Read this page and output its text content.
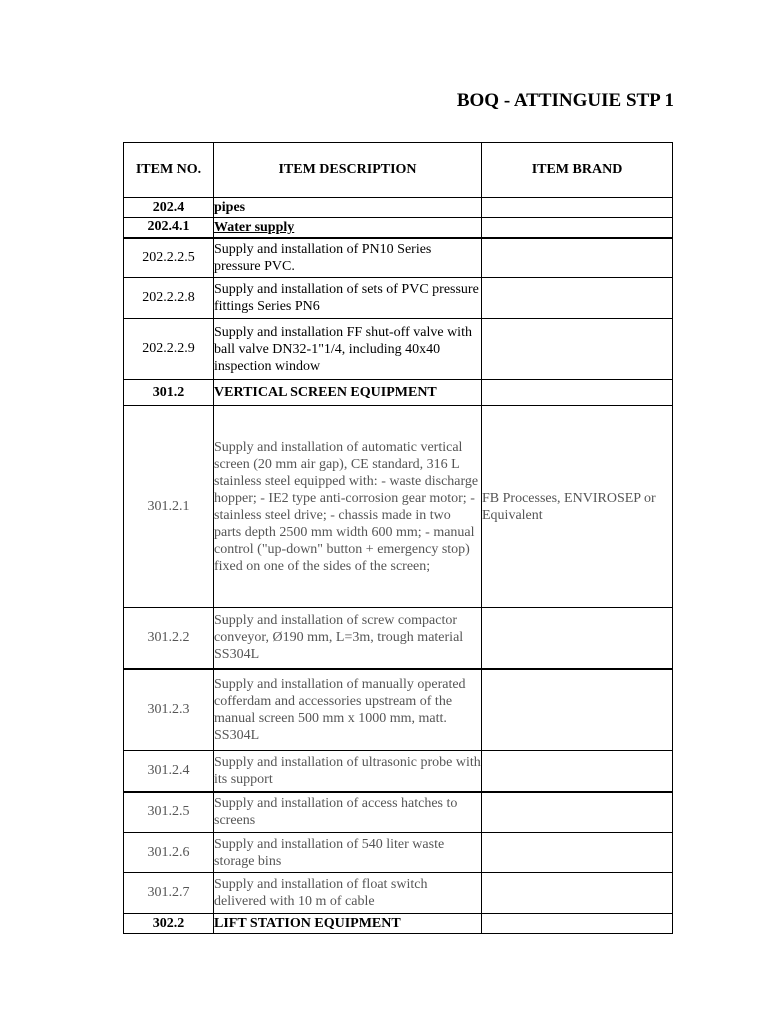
BOQ - ATTINGUIE STP 1
ITEM NO.	ITEM DESCRIPTION	ITEM BRAND
202.4	pipes	
202.4.1	Water supply	
202.2.2.5	Supply and installation of PN10 Series pressure PVC.	
202.2.2.8	Supply and installation of sets of PVC pressure fittings Series PN6	
202.2.2.9	Supply and installation FF shut-off valve with ball valve DN32-1"1/4, including 40x40 inspection window	
301.2	VERTICAL SCREEN EQUIPMENT	
301.2.1	Supply and installation of automatic vertical screen (20 mm air gap), CE standard, 316 L stainless steel equipped with: - waste discharge hopper; - IE2 type anti-corrosion gear motor; - stainless steel drive; - chassis made in two parts depth 2500 mm width 600 mm; - manual control ("up-down" button + emergency stop) fixed on one of the sides of the screen;	FB Processes, ENVIROSEP or Equivalent
301.2.2	Supply and installation of screw compactor conveyor, Ø190 mm, L=3m, trough material SS304L	
301.2.3	Supply and installation of manually operated cofferdam and accessories upstream of the manual screen 500 mm x 1000 mm, matt. SS304L	
301.2.4	Supply and installation of ultrasonic probe with its support	
301.2.5	Supply and installation of access hatches to screens	
301.2.6	Supply and installation of 540 liter waste storage bins	
301.2.7	Supply and installation of float switch delivered with 10 m of cable	
302.2	LIFT STATION EQUIPMENT	
